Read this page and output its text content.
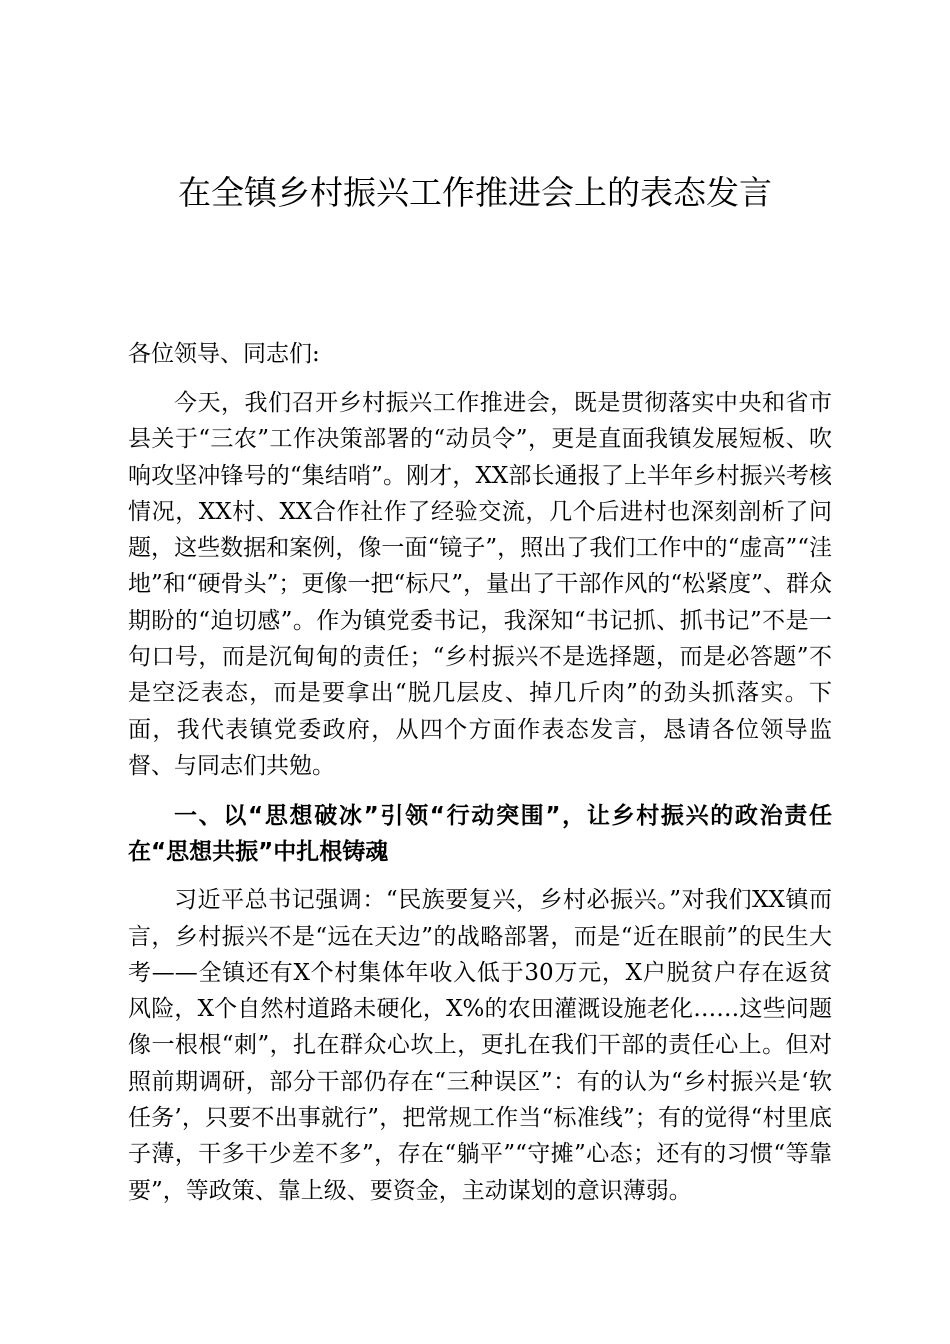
在全镇乡村振兴工作推进会上的表态发言

各位领导、同志们:

今天，我们召开乡村振兴工作推进会，既是贯彻落实中央和省市县关于“三农”工作决策部署的“动员令”，更是直面我镇发展短板、吹响攻坚冲锋号的“集结哨”。刚才，XX部长通报了上半年乡村振兴考核情况，XX村、XX合作社作了经验交流，几个后进村也深刻剖析了问题，这些数据和案例，像一面“镜子”，照出了我们工作中的“虚高”“洼地”和“硬骨头”；更像一把“标尺”，量出了干部作风的“松紧度”、群众期盼的“迫切感”。作为镇党委书记，我深知“书记抓、抓书记”不是一句口号，而是沉甸甸的责任；“乡村振兴不是选择题，而是必答题”不是空泛表态，而是要拿出“脱几层皮、掉几斤肉”的劲头抓落实。下面，我代表镇党委政府，从四个方面作表态发言，恳请各位领导监督、与同志们共勉。

一、以“思想破冰”引领“行动突围”，让乡村振兴的政治责任在“思想共振”中扎根铸魂

习近平总书记强调：“民族要复兴，乡村必振兴。”对我们XX镇而言，乡村振兴不是“远在天边”的战略部署，而是“近在眼前”的民生大考——全镇还有X个村集体年收入低于30万元，X户脱贫户存在返贫风险，X个自然村道路未硬化，X%的农田灌溉设施老化……这些问题像一根根“刺”，扎在群众心坎上，更扎在我们干部的责任心上。但对照前期调研，部分干部仍存在“三种误区”：有的认为“乡村振兴是‘软任务’，只要不出事就行”，把常规工作当“标准线”；有的觉得“村里底子薄，干多干少差不多”，存在“躺平”“守摊”心态；还有的习惯“等靠要”，等政策、靠上级、要资金，主动谋划的意识薄弱。
